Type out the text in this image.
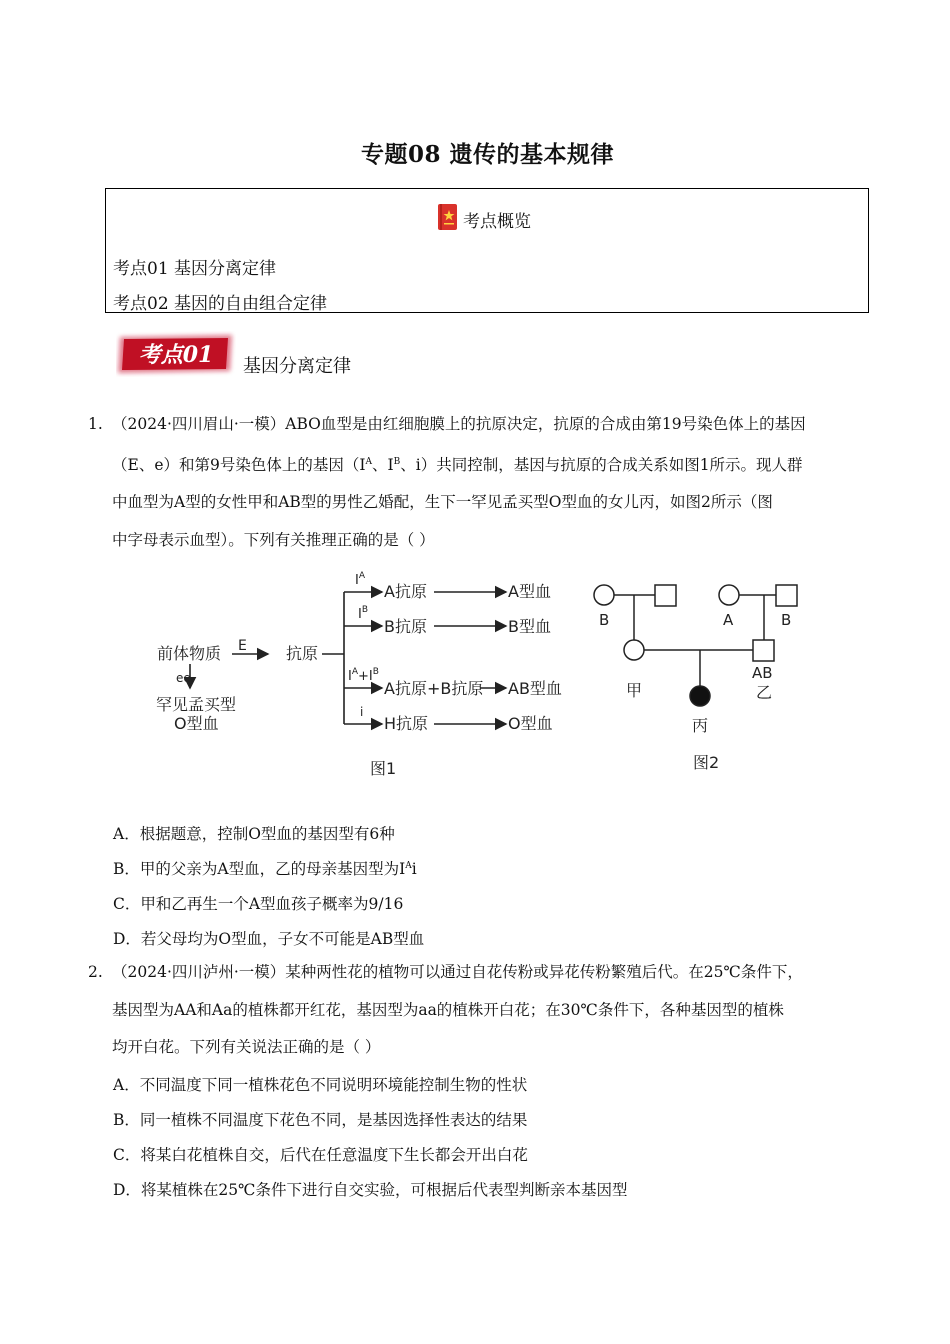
专题08 遗传的基本规律
考点概览
考点01 基因分离定律
考点02 基因的自由组合定律
考点01 基因分离定律
1. （2024·四川眉山·一模）ABO血型是由红细胞膜上的抗原决定，抗原的合成由第19号染色体上的基因
（E、e）和第9号染色体上的基因（$I^A$、$I^B$、i）共同控制，基因与抗原的合成关系如图1所示。现人群
中血型为A型的女性甲和AB型的男性乙婚配，生下一罕见孟买型O型血的女儿丙，如图2所示（图
中字母表示血型）。下列有关推理正确的是（ ）
前体物质 E 抗原
ee
罕见孟买型
O型血
$I^A$
A抗原	A型血
$I^B$
B抗原	B型血
$I^A+I^B$
A抗原+B抗原 AB型血
i
H抗原	O型血
图1
B	A	B
AB
甲	乙
丙
图2
A．根据题意，控制O型血的基因型有6种
B．甲的父亲为A型血，乙的母亲基因型为$I^Ai$
C．甲和乙再生一个A型血孩子概率为9/16
D．若父母均为O型血，子女不可能是AB型血
2. （2024·四川泸州·一模）某种两性花的植物可以通过自花传粉或异花传粉繁殖后代。在25℃条件下，
基因型为AA和Aa的植株都开红花，基因型为aa的植株开白花；在30℃条件下，各种基因型的植株
均开白花。下列有关说法正确的是（ ）
A．不同温度下同一植株花色不同说明环境能控制生物的性状
B．同一植株不同温度下花色不同，是基因选择性表达的结果
C．将某白花植株自交，后代在任意温度下生长都会开出白花
D．将某植株在25℃条件下进行自交实验，可根据后代表型判断亲本基因型
